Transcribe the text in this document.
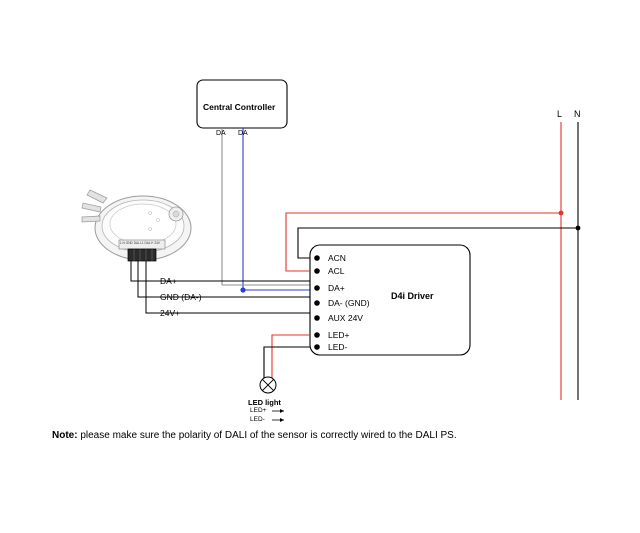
Central Controller
DA DA
L N GND DALI-1 DALI+ 24V
DA+
GND (DA-)
24V+
ACN
ACL
DA+
DA- (GND)
AUX 24V
LED+
LED-
D4i Driver
L N
LED light
LED+
LED-
Note: please make sure the polarity of DALI of the sensor is correctly wired to the DALI PS.
